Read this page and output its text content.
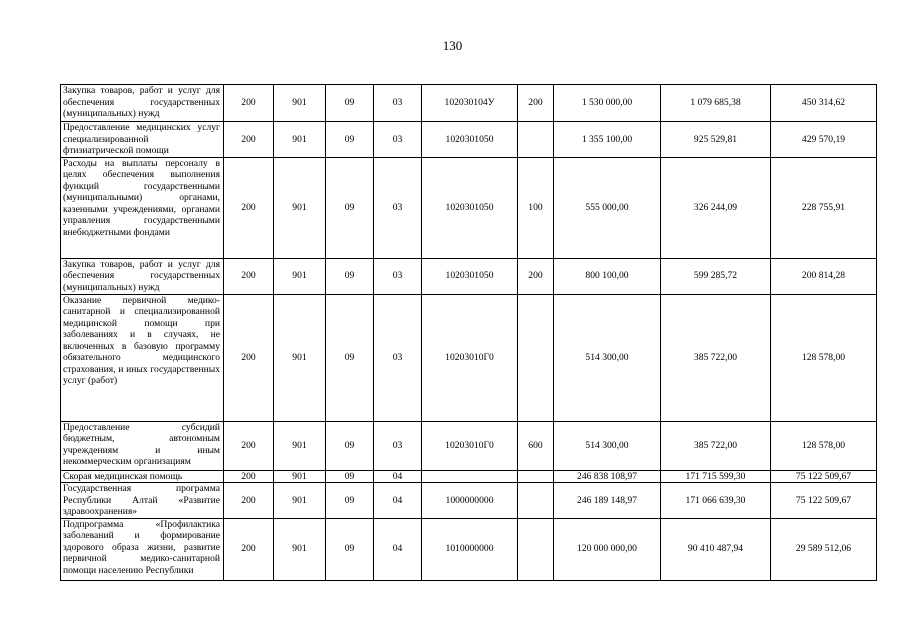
130
Закупка товаров, работ и услуг для обеспечения государственных (муниципальных) нужд	200	901	09	03	102030104У	200	1 530 000,00	1 079 685,38	450 314,62
Предоставление медицинских услуг специализированной фтизиатрической помощи	200	901	09	03	1020301050		1 355 100,00	925 529,81	429 570,19
Расходы на выплаты персоналу в целях обеспечения выполнения функций государственными (муниципальными) органами, казенными учреждениями, органами управления государственными внебюджетными фондами	200	901	09	03	1020301050	100	555 000,00	326 244,09	228 755,91
Закупка товаров, работ и услуг для обеспечения государственных (муниципальных) нужд	200	901	09	03	1020301050	200	800 100,00	599 285,72	200 814,28
Оказание первичной медико-санитарной и специализированной медицинской помощи при заболеваниях и в случаях, не включенных в базовую программу обязательного медицинского страхования, и иных государственных услуг (работ)	200	901	09	03	10203010Г0		514 300,00	385 722,00	128 578,00
Предоставление субсидий бюджетным, автономным учреждениям и иным некоммерческим организациям	200	901	09	03	10203010Г0	600	514 300,00	385 722,00	128 578,00
Скорая медицинская помощь	200	901	09	04			246 838 108,97	171 715 599,30	75 122 509,67
Государственная программа Республики Алтай «Развитие здравоохранения»	200	901	09	04	1000000000		246 189 148,97	171 066 639,30	75 122 509,67
Подпрограмма «Профилактика заболеваний и формирование здорового образа жизни, развитие первичной медико-санитарной помощи населению Республики	200	901	09	04	1010000000		120 000 000,00	90 410 487,94	29 589 512,06
